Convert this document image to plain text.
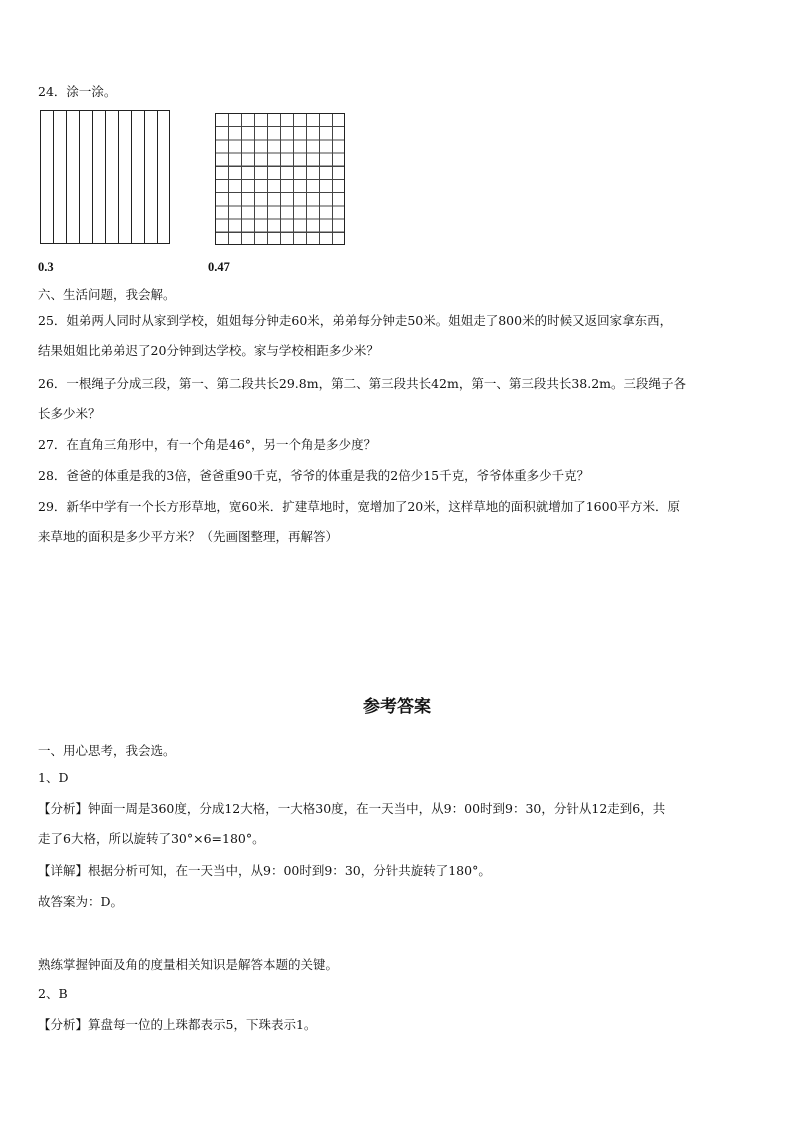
24．涂一涂。
0.3	0.47
六、生活问题，我会解。
25．姐弟两人同时从家到学校，姐姐每分钟走60米，弟弟每分钟走50米。姐姐走了800米的时候又返回家拿东西，
结果姐姐比弟弟迟了20分钟到达学校。家与学校相距多少米？
26．一根绳子分成三段，第一、第二段共长29.8m，第二、第三段共长42m，第一、第三段共长38.2m。三段绳子各
长多少米？
27．在直角三角形中，有一个角是46°，另一个角是多少度？
28．爸爸的体重是我的3倍，爸爸重90千克，爷爷的体重是我的2倍少15千克，爷爷体重多少千克？
29．新华中学有一个长方形草地，宽60米．扩建草地时，宽增加了20米，这样草地的面积就增加了1600平方米．原
来草地的面积是多少平方米？（先画图整理，再解答）
参考答案
一、用心思考，我会选。
1、D
【分析】钟面一周是360度，分成12大格，一大格30度，在一天当中，从9：00时到9：30，分针从12走到6，共
走了6大格，所以旋转了30°×6=180°。
【详解】根据分析可知，在一天当中，从9：00时到9：30，分针共旋转了180°。
故答案为：D。
熟练掌握钟面及角的度量相关知识是解答本题的关键。
2、B
【分析】算盘每一位的上珠都表示5，下珠表示1。
